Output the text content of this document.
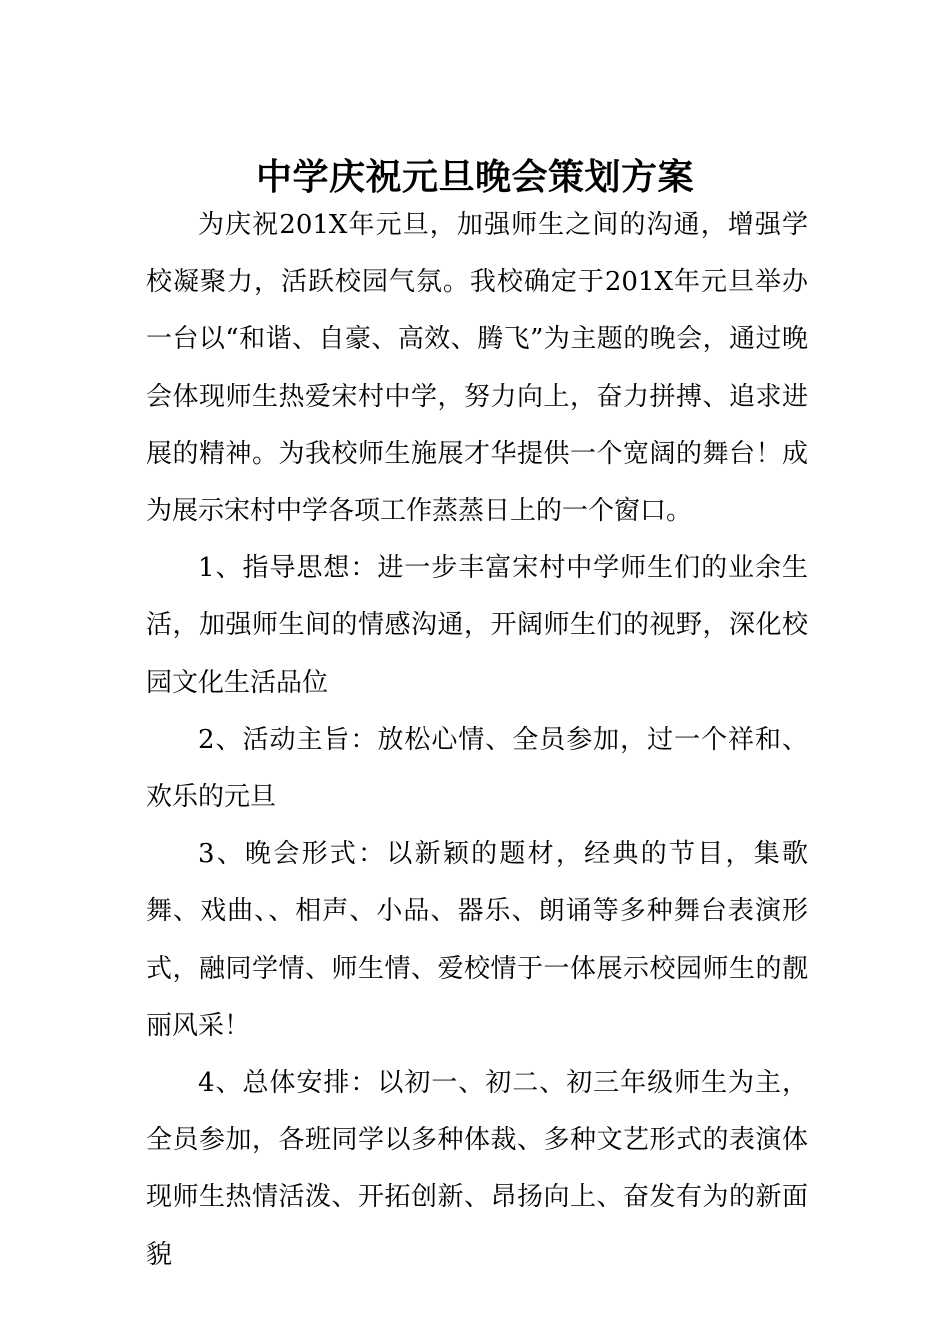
中学庆祝元旦晚会策划方案

为庆祝201X年元旦，加强师生之间的沟通，增强学校凝聚力，活跃校园气氛。我校确定于201X年元旦举办一台以“和谐、自豪、高效、腾飞”为主题的晚会，通过晚会体现师生热爱宋村中学，努力向上，奋力拼搏、追求进展的精神。为我校师生施展才华提供一个宽阔的舞台！成为展示宋村中学各项工作蒸蒸日上的一个窗口。

1、指导思想：进一步丰富宋村中学师生们的业余生活，加强师生间的情感沟通，开阔师生们的视野，深化校园文化生活品位

2、活动主旨：放松心情、全员参加，过一个祥和、欢乐的元旦

3、晚会形式：以新颖的题材，经典的节目，集歌舞、戏曲、、相声、小品、器乐、朗诵等多种舞台表演形式，融同学情、师生情、爱校情于一体展示校园师生的靓丽风采！

4、总体安排：以初一、初二、初三年级师生为主，全员参加，各班同学以多种体裁、多种文艺形式的表演体现师生热情活泼、开拓创新、昂扬向上、奋发有为的新面貌
